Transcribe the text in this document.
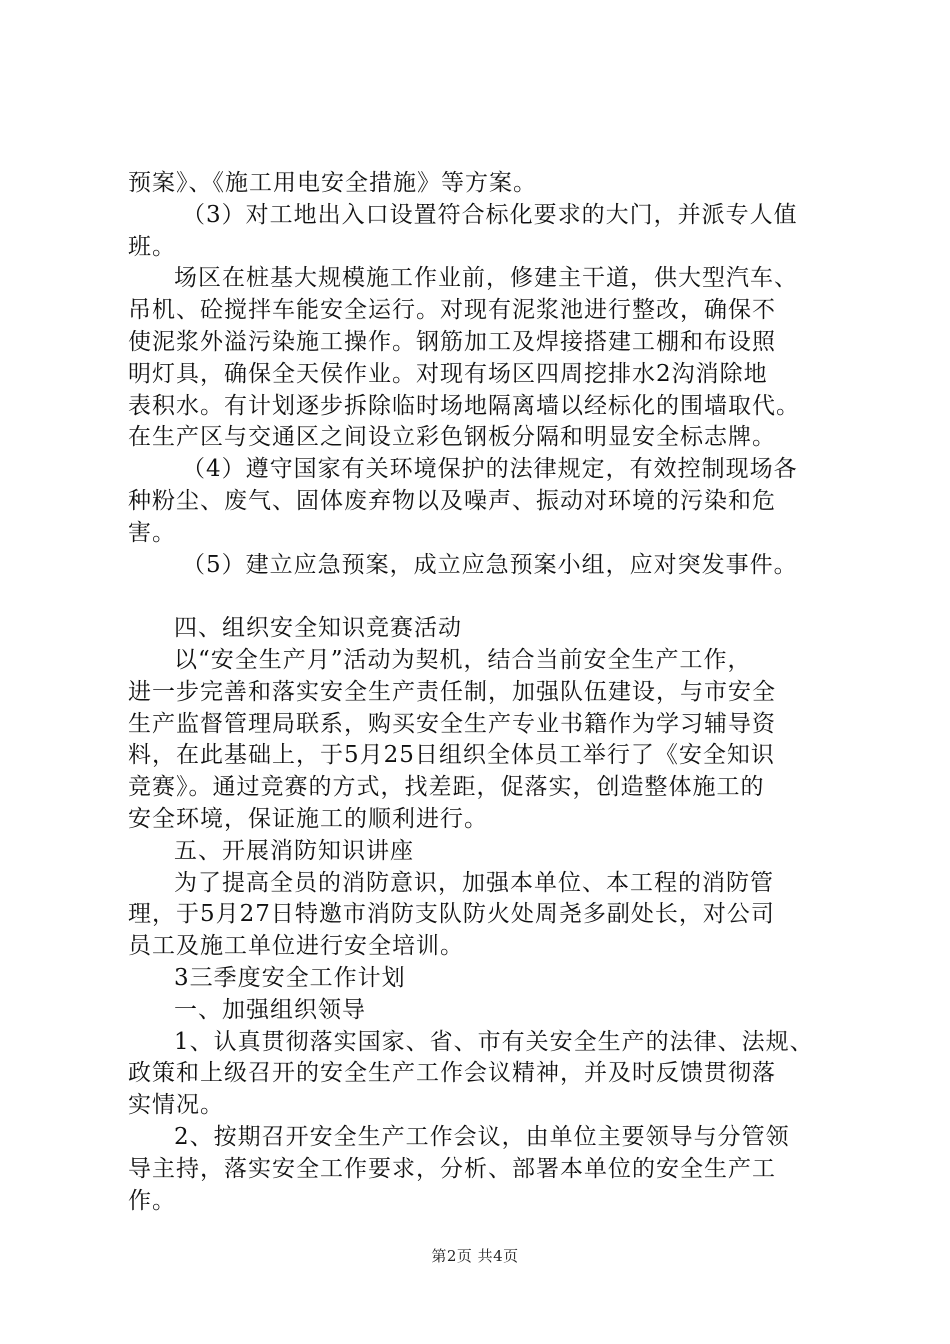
预案》、《施工用电安全措施》等方案。
（3）对工地出入口设置符合标化要求的大门，并派专人值
班。
场区在桩基大规模施工作业前，修建主干道，供大型汽车、
吊机、砼搅拌车能安全运行。对现有泥浆池进行整改，确保不
使泥浆外溢污染施工操作。钢筋加工及焊接搭建工棚和布设照
明灯具，确保全天侯作业。对现有场区四周挖排水2沟消除地
表积水。有计划逐步拆除临时场地隔离墙以经标化的围墙取代。
在生产区与交通区之间设立彩色钢板分隔和明显安全标志牌。
（4）遵守国家有关环境保护的法律规定，有效控制现场各
种粉尘、废气、固体废弃物以及噪声、振动对环境的污染和危
害。
（5）建立应急预案，成立应急预案小组，应对突发事件。
四、组织安全知识竞赛活动
以“安全生产月”活动为契机，结合当前安全生产工作，
进一步完善和落实安全生产责任制，加强队伍建设，与市安全
生产监督管理局联系，购买安全生产专业书籍作为学习辅导资
料，在此基础上，于5月25日组织全体员工举行了《安全知识
竞赛》。通过竞赛的方式，找差距，促落实，创造整体施工的
安全环境，保证施工的顺利进行。
五、开展消防知识讲座
为了提高全员的消防意识，加强本单位、本工程的消防管
理，于5月27日特邀市消防支队防火处周尧多副处长，对公司
员工及施工单位进行安全培训。
3三季度安全工作计划
一、加强组织领导
1、认真贯彻落实国家、省、市有关安全生产的法律、法规、
政策和上级召开的安全生产工作会议精神，并及时反馈贯彻落
实情况。
2、按期召开安全生产工作会议，由单位主要领导与分管领
导主持，落实安全工作要求，分析、部署本单位的安全生产工
作。
第2页 共4页
